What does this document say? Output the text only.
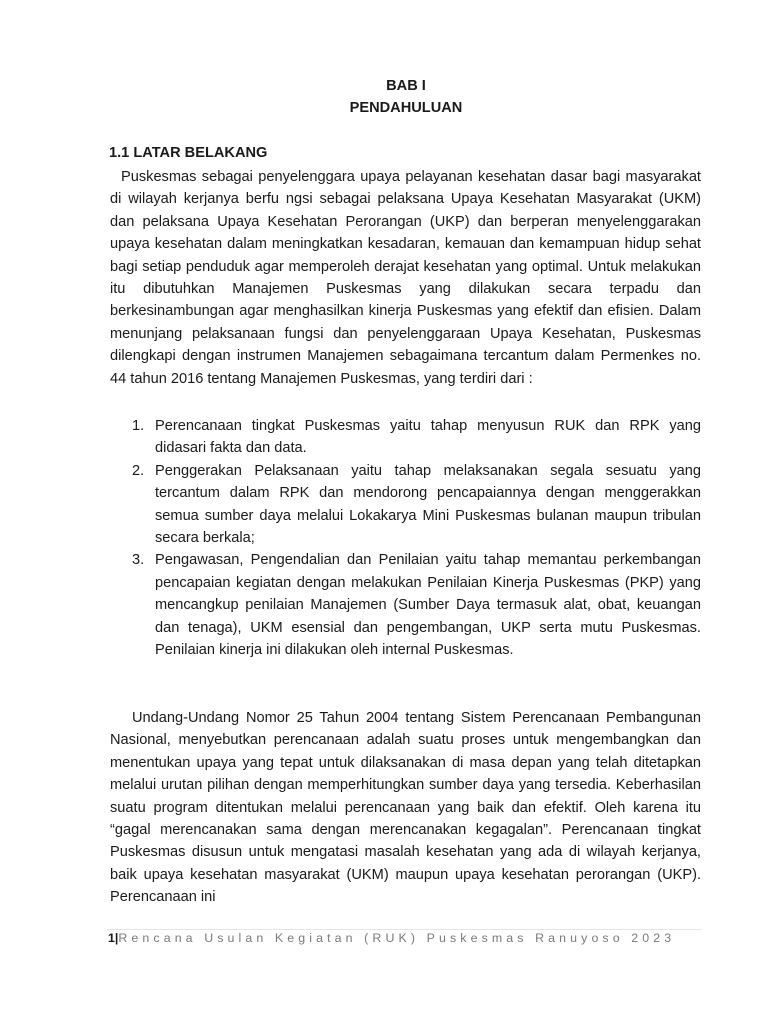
BAB I
PENDAHULUAN
1.1 LATAR BELAKANG

Puskesmas sebagai penyelenggara upaya pelayanan kesehatan dasar bagi masyarakat di wilayah kerjanya berfu ngsi sebagai pelaksana Upaya Kesehatan Masyarakat (UKM) dan pelaksana Upaya Kesehatan Perorangan (UKP) dan berperan menyelenggarakan upaya kesehatan dalam meningkatkan kesadaran, kemauan dan kemampuan hidup sehat bagi setiap penduduk agar memperoleh derajat kesehatan yang optimal. Untuk melakukan itu dibutuhkan Manajemen Puskesmas yang dilakukan secara terpadu dan berkesinambungan agar menghasilkan kinerja Puskesmas yang efektif dan efisien. Dalam menunjang pelaksanaan fungsi dan penyelenggaraan Upaya Kesehatan, Puskesmas dilengkapi dengan instrumen Manajemen sebagaimana tercantum dalam Permenkes no. 44 tahun 2016 tentang Manajemen Puskesmas, yang terdiri dari :

1. Perencanaan tingkat Puskesmas yaitu tahap menyusun RUK dan RPK yang didasari fakta dan data.
2. Penggerakan Pelaksanaan yaitu tahap melaksanakan segala sesuatu yang tercantum dalam RPK dan mendorong pencapaiannya dengan menggerakkan semua sumber daya melalui Lokakarya Mini Puskesmas bulanan maupun tribulan secara berkala;
3. Pengawasan, Pengendalian dan Penilaian yaitu tahap memantau perkembangan pencapaian kegiatan dengan melakukan Penilaian Kinerja Puskesmas (PKP) yang mencangkup penilaian Manajemen (Sumber Daya termasuk alat, obat, keuangan dan tenaga), UKM esensial dan pengembangan, UKP serta mutu Puskesmas. Penilaian kinerja ini dilakukan oleh internal Puskesmas.

Undang-Undang Nomor 25 Tahun 2004 tentang Sistem Perencanaan Pembangunan Nasional, menyebutkan perencanaan adalah suatu proses untuk mengembangkan dan menentukan upaya yang tepat untuk dilaksanakan di masa depan yang telah ditetapkan melalui urutan pilihan dengan memperhitungkan sumber daya yang tersedia. Keberhasilan suatu program ditentukan melalui perencanaan yang baik dan efektif. Oleh karena itu “gagal merencanakan sama dengan merencanakan kegagalan”. Perencanaan tingkat Puskesmas disusun untuk mengatasi masalah kesehatan yang ada di wilayah kerjanya, baik upaya kesehatan masyarakat (UKM) maupun upaya kesehatan perorangan (UKP). Perencanaan ini

1|Rencana Usulan Kegiatan (RUK) Puskesmas Ranuyoso 2023
